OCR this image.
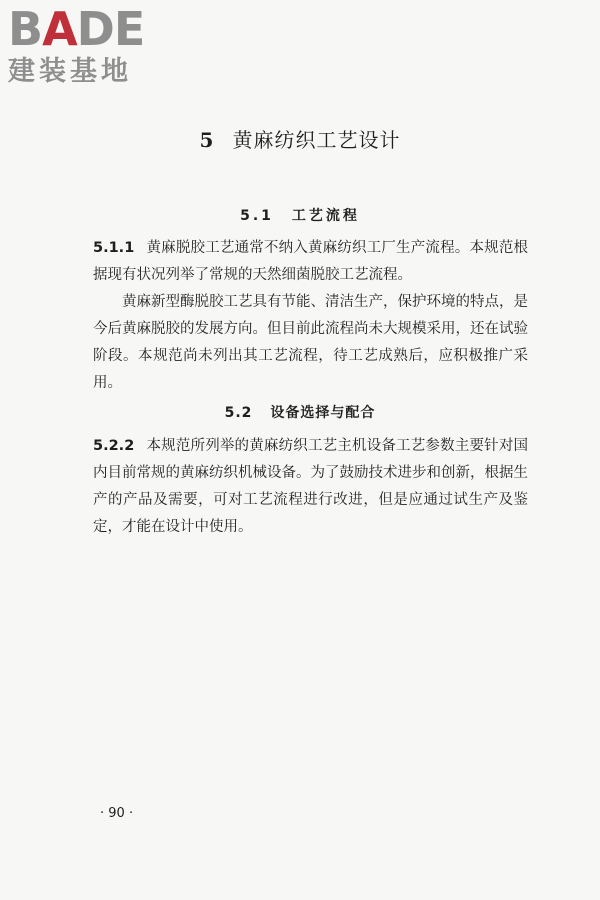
BADE
建装基地
5 黄麻纺织工艺设计
5.1 工艺流程

5.1.1 黄麻脱胶工艺通常不纳入黄麻纺织工厂生产流程。本规范根据现有状况列举了常规的天然细菌脱胶工艺流程。

黄麻新型酶脱胶工艺具有节能、清洁生产，保护环境的特点，是今后黄麻脱胶的发展方向。但目前此流程尚未大规模采用，还在试验阶段。本规范尚未列出其工艺流程，待工艺成熟后，应积极推广采用。

5.2 设备选择与配合

5.2.2 本规范所列举的黄麻纺织工艺主机设备工艺参数主要针对国内目前常规的黄麻纺织机械设备。为了鼓励技术进步和创新，根据生产的产品及需要，可对工艺流程进行改进，但是应通过试生产及鉴定，才能在设计中使用。

· 90 ·
